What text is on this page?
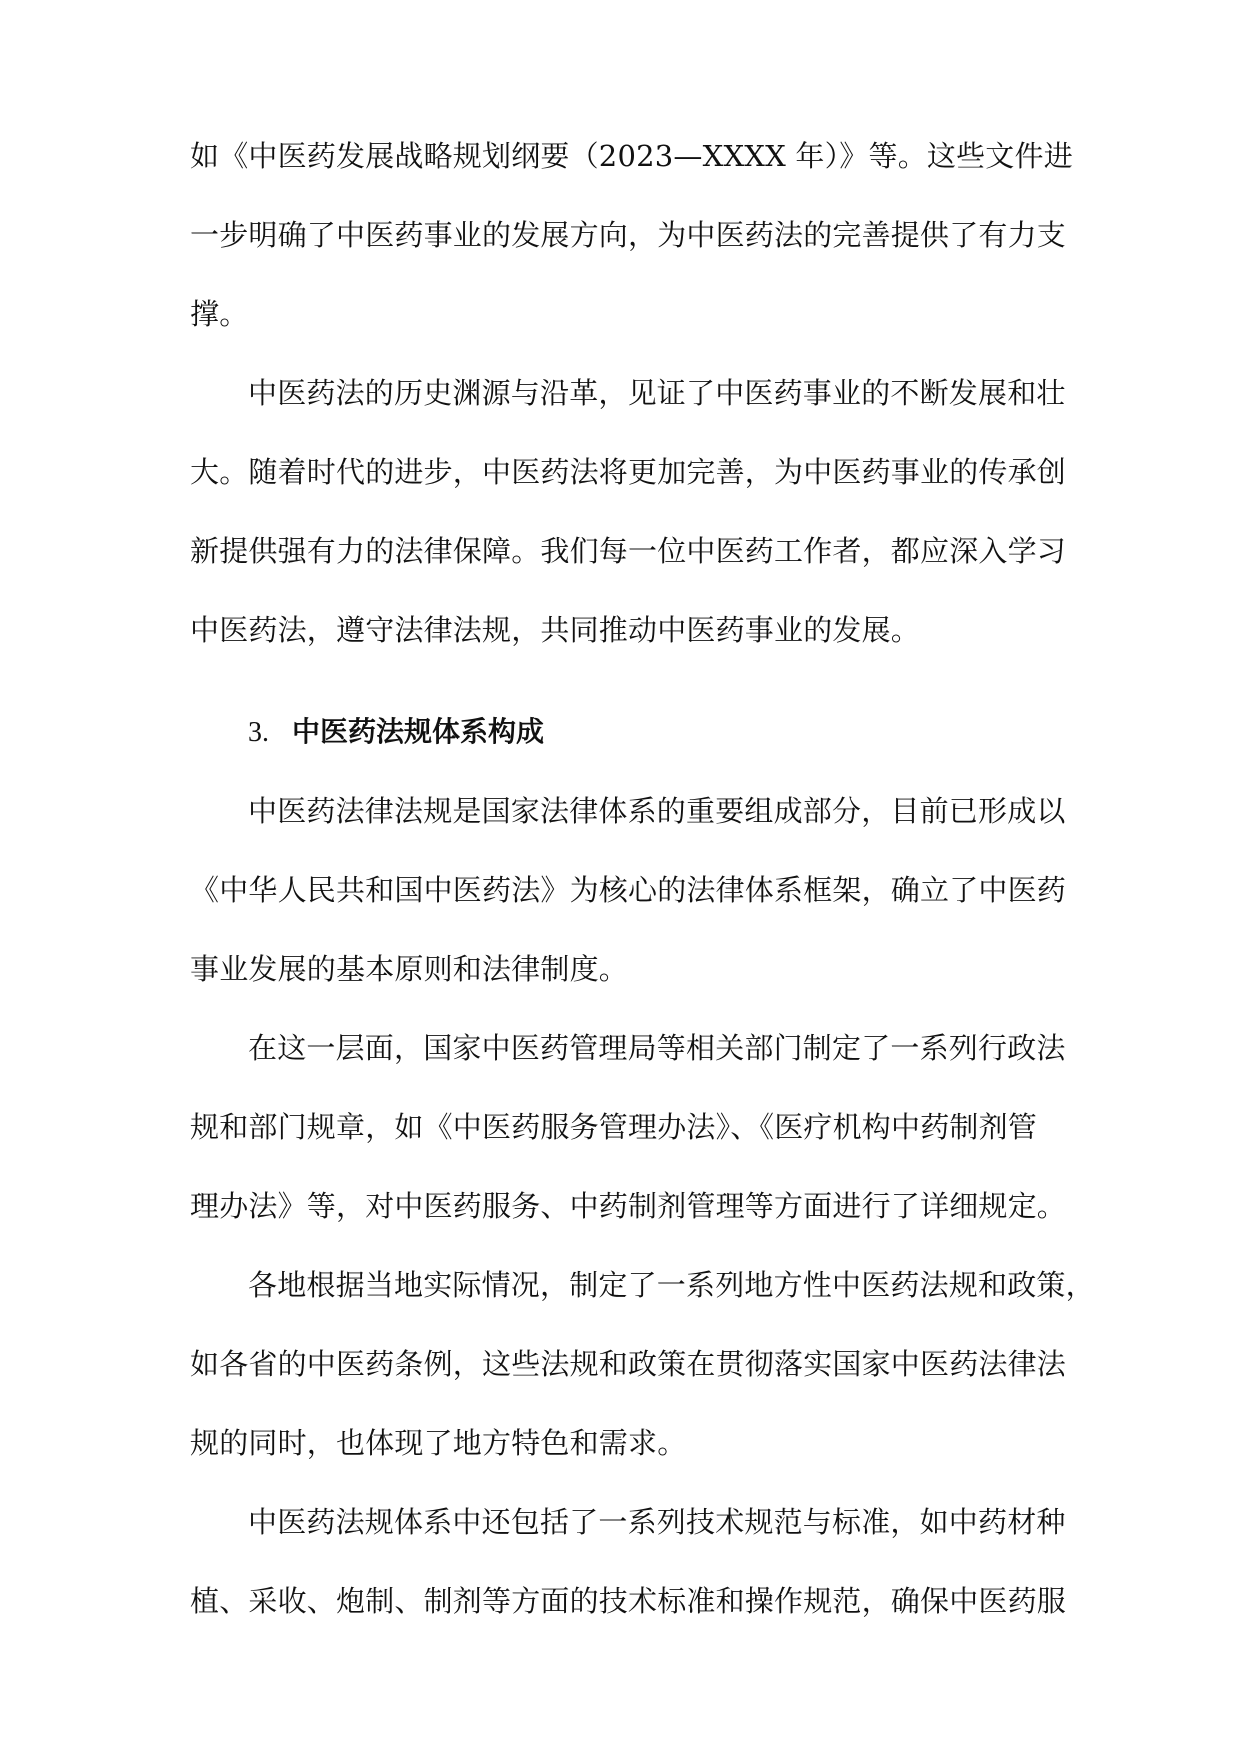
如《中医药发展战略规划纲要（2023—XXXX 年）》等。这些文件进
一步明确了中医药事业的发展方向，为中医药法的完善提供了有力支
撑。
中医药法的历史渊源与沿革，见证了中医药事业的不断发展和壮
大。随着时代的进步，中医药法将更加完善，为中医药事业的传承创
新提供强有力的法律保障。我们每一位中医药工作者，都应深入学习
中医药法，遵守法律法规，共同推动中医药事业的发展。
3. 中医药法规体系构成
中医药法律法规是国家法律体系的重要组成部分，目前已形成以
《中华人民共和国中医药法》为核心的法律体系框架，确立了中医药
事业发展的基本原则和法律制度。
在这一层面，国家中医药管理局等相关部门制定了一系列行政法
规和部门规章，如《中医药服务管理办法》、《医疗机构中药制剂管
理办法》等，对中医药服务、中药制剂管理等方面进行了详细规定。
各地根据当地实际情况，制定了一系列地方性中医药法规和政策，
如各省的中医药条例，这些法规和政策在贯彻落实国家中医药法律法
规的同时，也体现了地方特色和需求。
中医药法规体系中还包括了一系列技术规范与标准，如中药材种
植、采收、炮制、制剂等方面的技术标准和操作规范，确保中医药服
